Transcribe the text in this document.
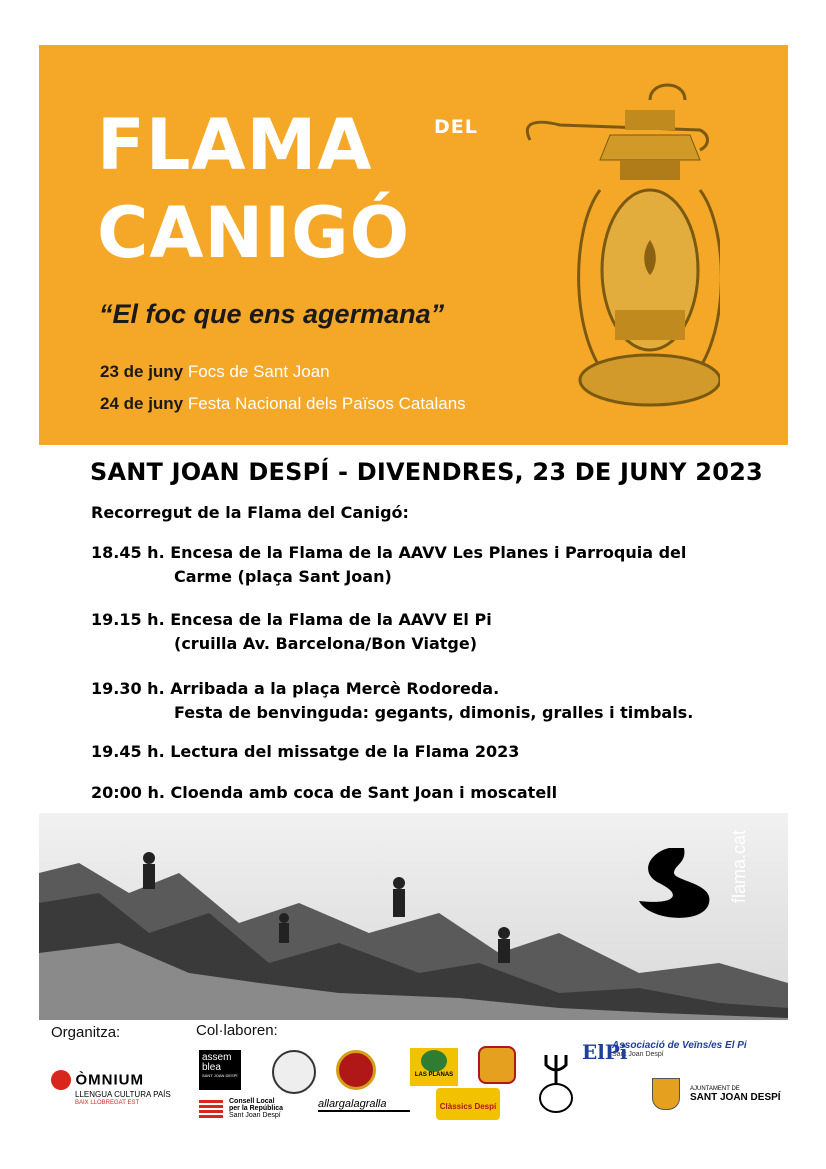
FLAMA	DEL
CANIGÓ
“El foc que ens agermana”
23 de juny Focs de Sant Joan
24 de juny Festa Nacional dels Països Catalans
SANT JOAN DESPÍ - DIVENDRES, 23 DE JUNY 2023
Recorregut de la Flama del Canigó:
18.45 h. Encesa de la Flama de la AAVV Les Planes i Parroquia del
Carme (plaça Sant Joan)
19.15 h. Encesa de la Flama de la AAVV El Pi
(cruilla Av. Barcelona/Bon Viatge)
19.30 h. Arribada a la plaça Mercè Rodoreda.
Festa de benvinguda: gegants, dimonis, gralles i timbals.
19.45 h. Lectura del missatge de la Flama 2023
20:00 h. Cloenda amb coca de Sant Joan i moscatell
flama.cat
Organitza:	Col·laboren:
ÒMNIUM
LLENGUA CULTURA PAÍS
BAIX LLOBREGAT EST
assem
blea
SANT JOAN DESPÍ
Consell Local
per la República
Sant Joan Despí
LAS PLANAS
allargalagralla	Clàssics Despí
ElPi
Associació de Veïns/es El Pi
Sant Joan Despí
AJUNTAMENT DE
SANT JOAN DESPÍ
